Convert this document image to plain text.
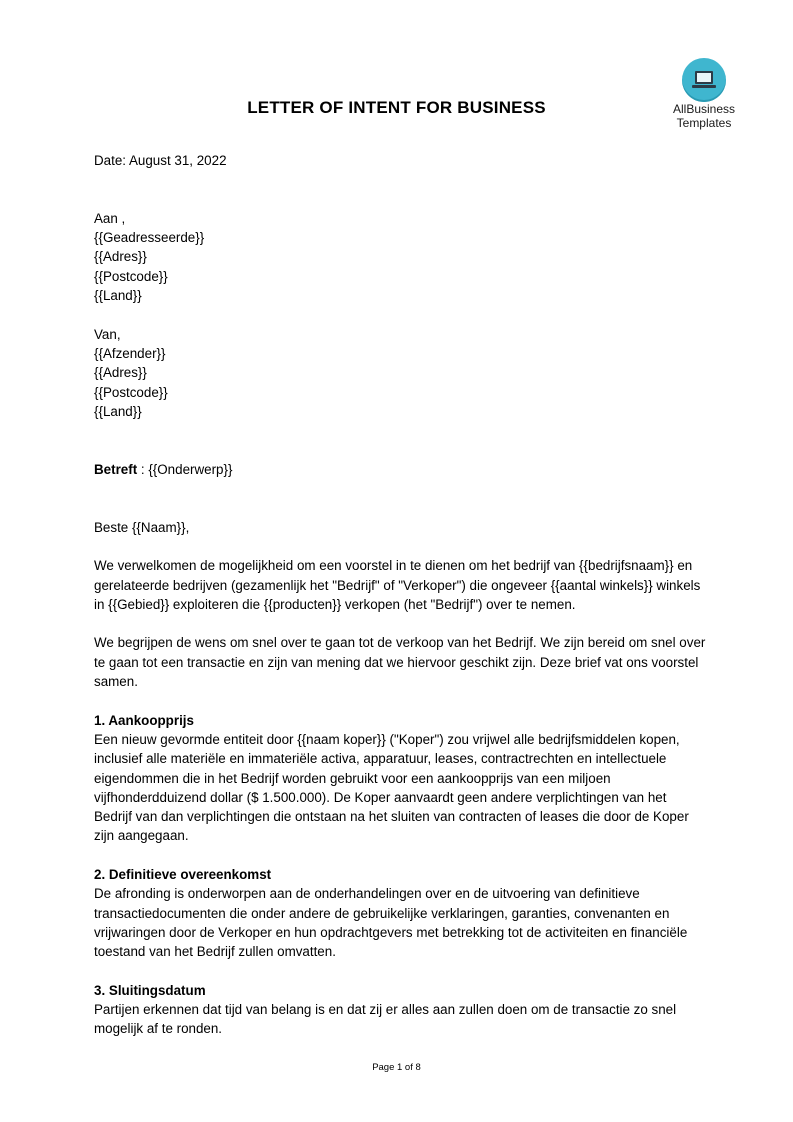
AllBusiness
Templates
LETTER OF INTENT FOR BUSINESS

Date: August 31, 2022

Aan ,

{{Geadresseerde}}

{{Adres}}

{{Postcode}}

{{Land}}

Van,

{{Afzender}}

{{Adres}}

{{Postcode}}

{{Land}}

Betreft : {{Onderwerp}}

Beste {{Naam}},

We verwelkomen de mogelijkheid om een voorstel in te dienen om het bedrijf van {{bedrijfsnaam}} en gerelateerde bedrijven (gezamenlijk het "Bedrijf" of "Verkoper") die ongeveer {{aantal winkels}} winkels in {{Gebied}} exploiteren die {{producten}} verkopen (het "Bedrijf") over te nemen.

We begrijpen de wens om snel over te gaan tot de verkoop van het Bedrijf. We zijn bereid om snel over te gaan tot een transactie en zijn van mening dat we hiervoor geschikt zijn. Deze brief vat ons voorstel samen.

1. Aankoopprijs

Een nieuw gevormde entiteit door {{naam koper}} ("Koper") zou vrijwel alle bedrijfsmiddelen kopen, inclusief alle materiële en immateriële activa, apparatuur, leases, contractrechten en intellectuele eigendommen die in het Bedrijf worden gebruikt voor een aankoopprijs van een miljoen vijfhonderdduizend dollar ($ 1.500.000). De Koper aanvaardt geen andere verplichtingen van het Bedrijf van dan verplichtingen die ontstaan na het sluiten van contracten of leases die door de Koper zijn aangegaan.

2. Definitieve overeenkomst

De afronding is onderworpen aan de onderhandelingen over en de uitvoering van definitieve transactiedocumenten die onder andere de gebruikelijke verklaringen, garanties, convenanten en vrijwaringen door de Verkoper en hun opdrachtgevers met betrekking tot de activiteiten en financiële toestand van het Bedrijf zullen omvatten.

3. Sluitingsdatum

Partijen erkennen dat tijd van belang is en dat zij er alles aan zullen doen om de transactie zo snel mogelijk af te ronden.

Page 1 of 8
